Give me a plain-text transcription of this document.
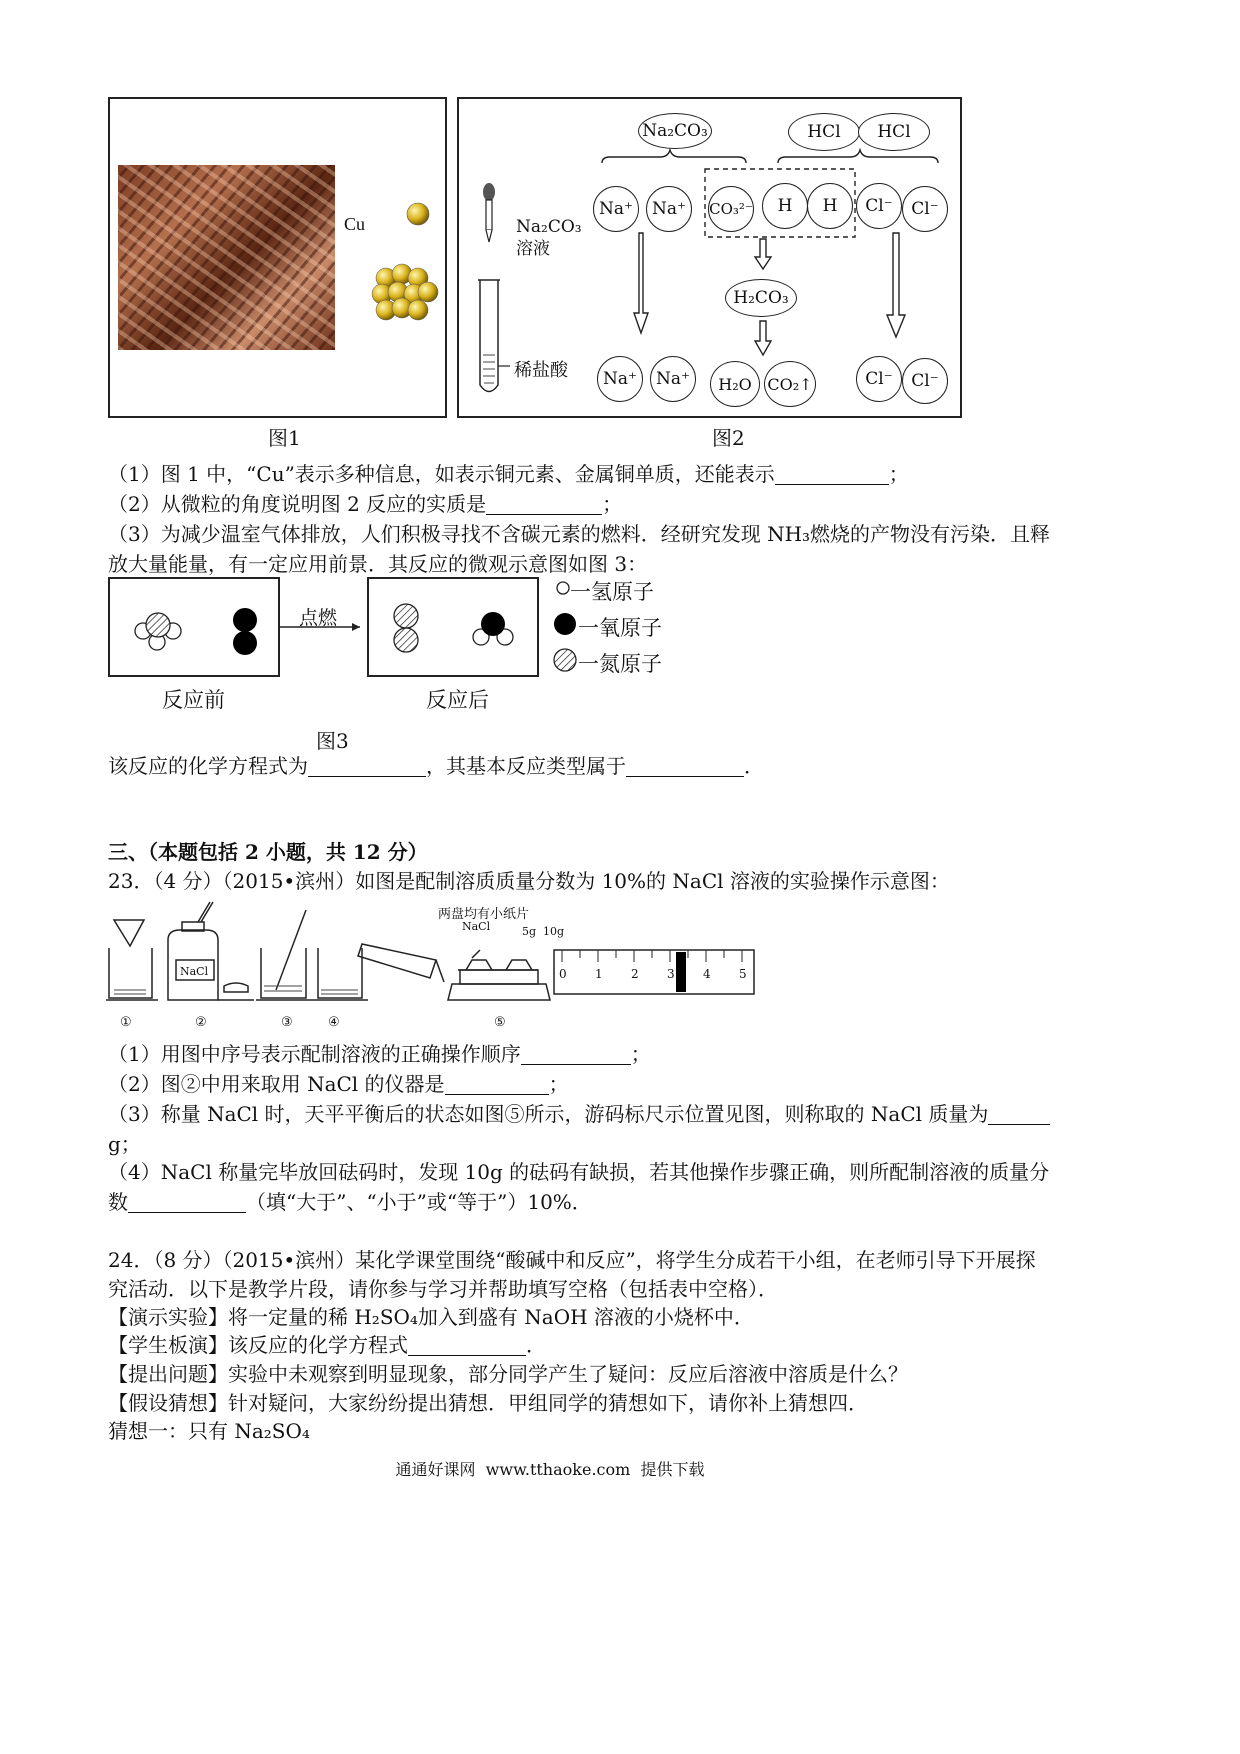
Cu
图1
Na₂CO₃
溶液
稀盐酸
Na₂CO₃	HCl	HCl
Na⁺	Na⁺	CO₃²⁻	H	H	Cl⁻	Cl⁻
H₂CO₃
Na⁺	Na⁺	H₂O CO₂↑	Cl⁻	Cl⁻
图2
（1）图 1 中，“Cu”表示多种信息，如表示铜元素、金属铜单质，还能表示	；
（2）从微粒的角度说明图 2 反应的实质是	；
（3）为减少温室气体排放，人们积极寻找不含碳元素的燃料．经研究发现 NH₃燃烧的产物没有污染．且释
放大量能量，有一定应用前景．其反应的微观示意图如图 3：
点燃
一氢原子
一氧原子
一氮原子
反应前	反应后
图3
该反应的化学方程式为	，其基本反应类型属于	．
三、（本题包括 2 小题，共 12 分）
23．（4 分）（2015•滨州）如图是配制溶质质量分数为 10%的 NaCl 溶液的实验操作示意图：
NaCl
两盘均有小纸片
NaCl	5g  10g
0 1 2 3 4 5
①	②	③	④	⑤
（1）用图中序号表示配制溶液的正确操作顺序	；
（2）图②中用来取用 NaCl 的仪器是	；
（3）称量 NaCl 时，天平平衡后的状态如图⑤所示，游码标尺示位置见图，则称取的 NaCl 质量为
g；
（4）NaCl 称量完毕放回砝码时，发现 10g 的砝码有缺损，若其他操作步骤正确，则所配制溶液的质量分
数	（填“大于”、“小于”或“等于”）10%．
24．（8 分）（2015•滨州）某化学课堂围绕“酸碱中和反应”，将学生分成若干小组，在老师引导下开展探
究活动．以下是教学片段，请你参与学习并帮助填写空格（包括表中空格）．
【演示实验】将一定量的稀 H₂SO₄加入到盛有 NaOH 溶液的小烧杯中．
【学生板演】该反应的化学方程式	．
【提出问题】实验中未观察到明显现象，部分同学产生了疑问：反应后溶液中溶质是什么？
【假设猜想】针对疑问，大家纷纷提出猜想．甲组同学的猜想如下，请你补上猜想四．
猜想一：只有 Na₂SO₄
通通好课网  www.tthaoke.com  提供下载
